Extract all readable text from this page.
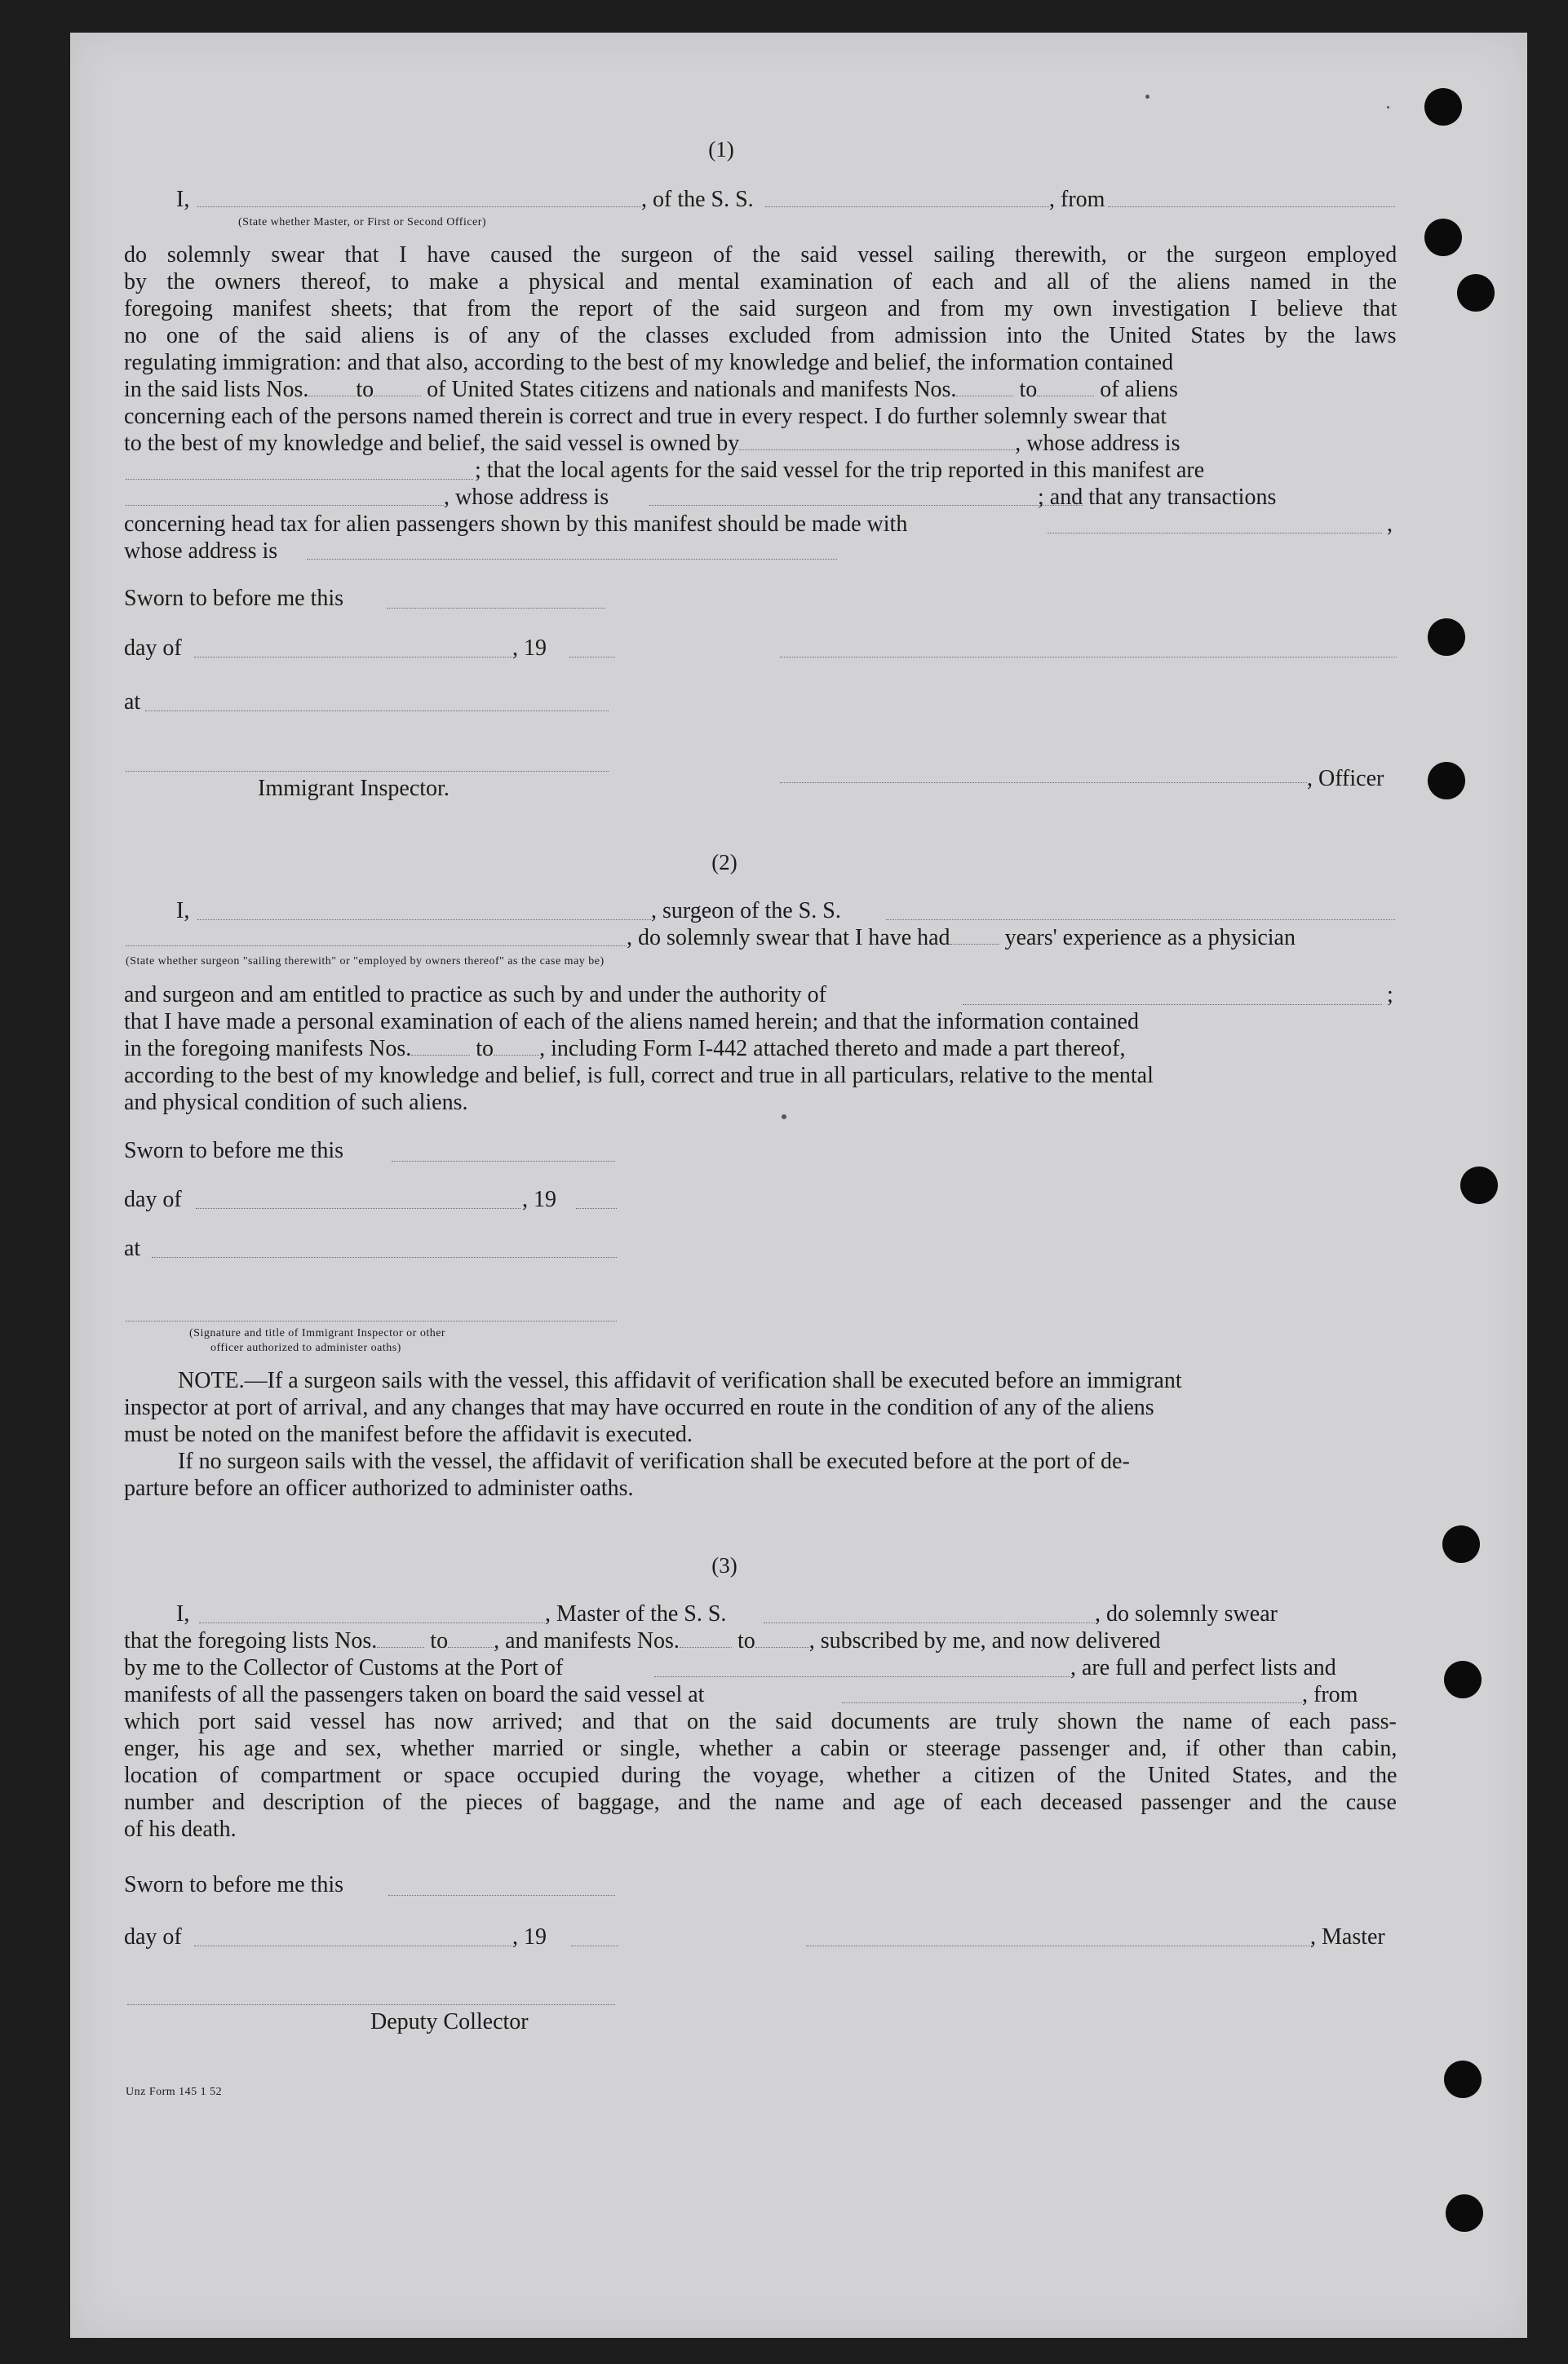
(1)
I,	, of the S. S.	, from
(State whether Master, or First or Second Officer)
do solemnly swear that I have caused the surgeon of the said vessel sailing therewith, or the surgeon employed
by the owners thereof, to make a physical and mental examination of each and all of the aliens named in the
foregoing manifest sheets; that from the report of the said surgeon and from my own investigation I believe that
no one of the said aliens is of any of the classes excluded from admission into the United States by the laws
regulating immigration: and that also, according to the best of my knowledge and belief, the information contained
in the said lists Nos. to of United States citizens and nationals and manifests Nos.	to	of aliens
concerning each of the persons named therein is correct and true in every respect. I do further solemnly swear that
to the best of my knowledge and belief, the said vessel is owned by	, whose address is
; that the local agents for the said vessel for the trip reported in this manifest are
, whose address is	; and that any transactions
concerning head tax for alien passengers shown by this manifest should be made with	,
whose address is
Sworn to before me this
day of	, 19
at
Immigrant Inspector.	, Officer
(2)
I,	, surgeon of the S. S.
, do solemnly swear that I have had years' experience as a physician
(State whether surgeon "sailing therewith" or "employed by owners thereof" as the case may be)
and surgeon and am entitled to practice as such by and under the authority of	;
that I have made a personal examination of each of the aliens named herein; and that the information contained
in the foregoing manifests Nos.	to , including Form I-442 attached thereto and made a part thereof,
according to the best of my knowledge and belief, is full, correct and true in all particulars, relative to the mental
and physical condition of such aliens.
Sworn to before me this
day of	, 19
at
(Signature and title of Immigrant Inspector or other
officer authorized to administer oaths)
NOTE.—If a surgeon sails with the vessel, this affidavit of verification shall be executed before an immigrant
inspector at port of arrival, and any changes that may have occurred en route in the condition of any of the aliens
must be noted on the manifest before the affidavit is executed.
If no surgeon sails with the vessel, the affidavit of verification shall be executed before at the port of de-
parture before an officer authorized to administer oaths.
(3)
I,	, Master of the S. S.	, do solemnly swear
that the foregoing lists Nos. to , and manifests Nos.	to , subscribed by me, and now delivered
by me to the Collector of Customs at the Port of	, are full and perfect lists and
manifests of all the passengers taken on board the said vessel at	, from
which port said vessel has now arrived; and that on the said documents are truly shown the name of each pass-
enger, his age and sex, whether married or single, whether a cabin or steerage passenger and, if other than cabin,
location of compartment or space occupied during the voyage, whether a citizen of the United States, and the
number and description of the pieces of baggage, and the name and age of each deceased passenger and the cause
of his death.
Sworn to before me this
day of	, 19	, Master
Deputy Collector
Unz Form 145 1 52
